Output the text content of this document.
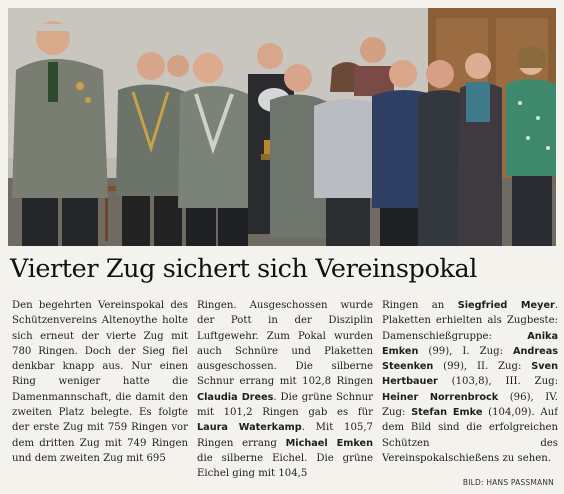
Vierter Zug sichert sich Vereinspokal
Den begehrten Vereinspokal des Schützenvereins Altenoythe holte sich erneut der vierte Zug mit 780 Ringen. Doch der Sieg fiel denkbar knapp aus. Nur einen Ring weniger hatte die Damenmannschaft, die damit den zweiten Platz belegte. Es folgte der erste Zug mit 759 Ringen vor dem dritten Zug mit 749 Ringen und dem zweiten Zug mit 695
Ringen. Ausgeschossen wurde der Pott in der Disziplin Luftgewehr. Zum Pokal wurden auch Schnüre und Plaketten ausgeschossen. Die silberne Schnur errang mit 102,8 Ringen Claudia Drees. Die grüne Schnur mit 101,2 Ringen gab es für Laura Waterkamp. Mit 105,7 Ringen errang Michael Emken die silberne Eichel. Die grüne Eichel ging mit 104,5
Ringen an Siegfried Meyer. Plaketten erhielten als Zugbeste: Damenschießgruppe:	Anika Emken (99), I. Zug: Andreas Steenken (99), II. Zug: Sven Hertbauer (103,8), III. Zug: Heiner Norrenbrock (96), IV. Zug: Stefan Emke (104,09). Auf dem Bild sind die erfolgreichen Schützen des Vereinspokalschießens zu sehen.
BILD: HANS PASSMANN
